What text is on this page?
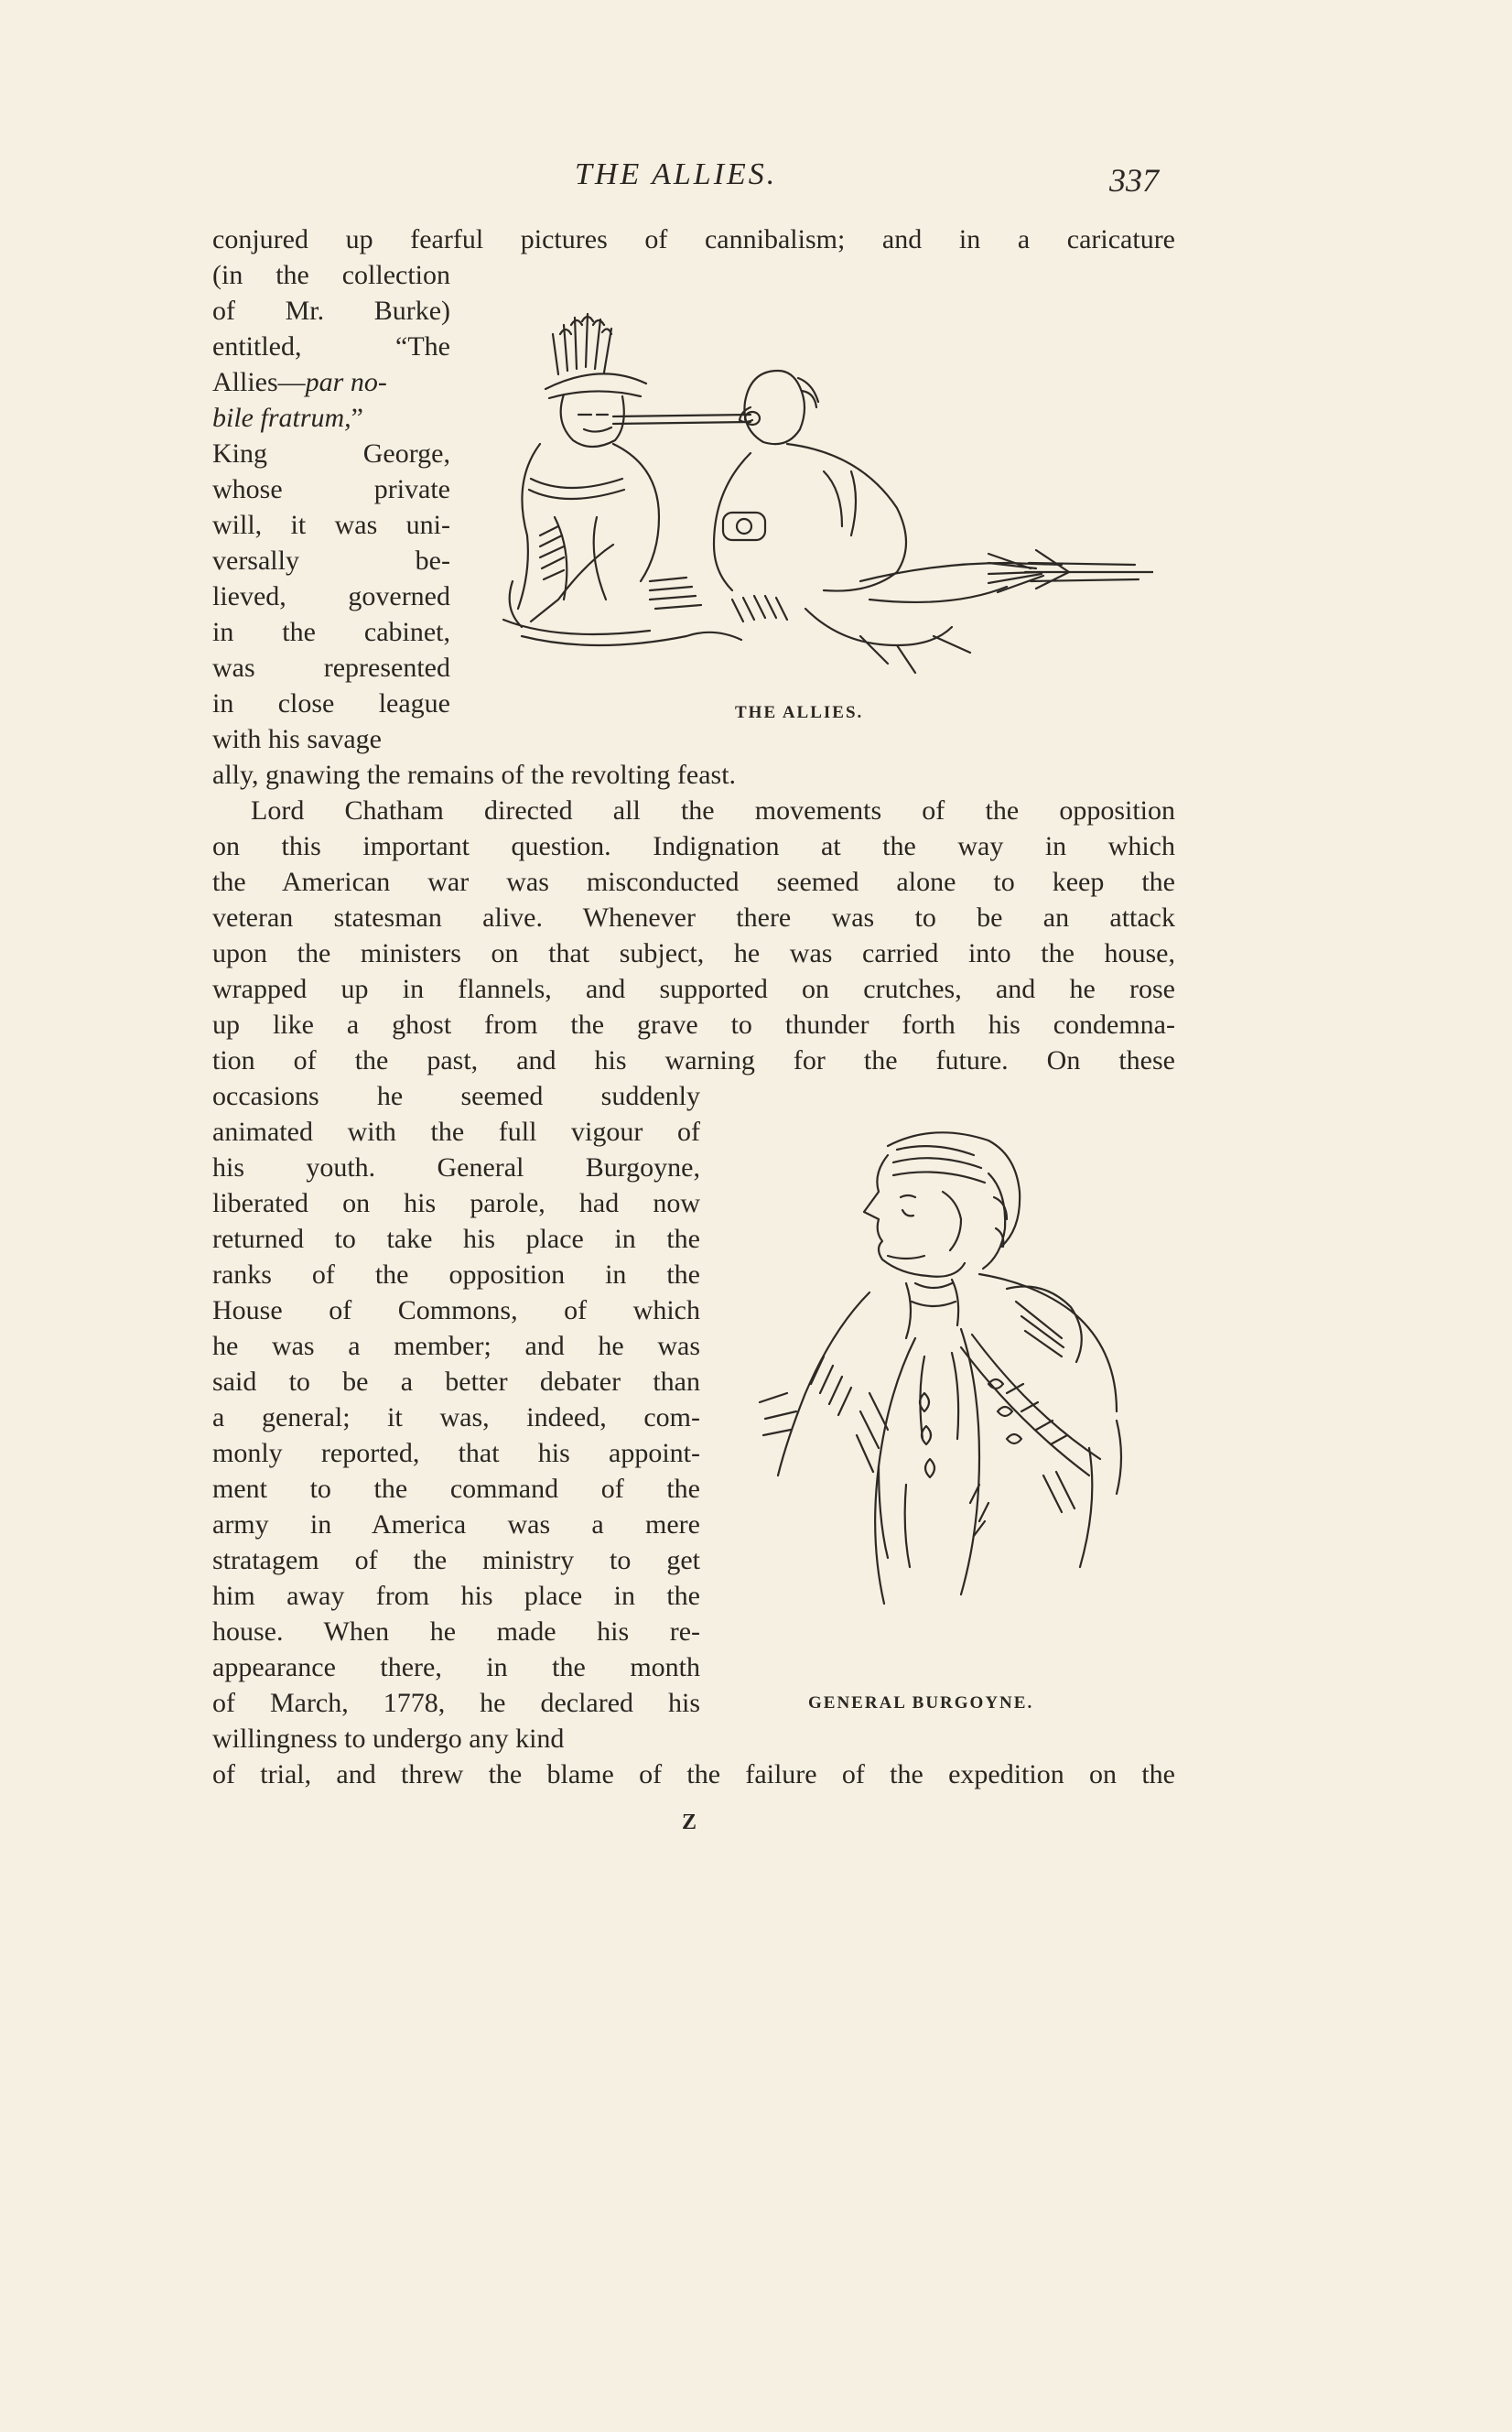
THE ALLIES.	337
conjured up fearful pictures of cannibalism; and in a caricature
(in the collection
of Mr. Burke)
entitled, “The
Allies—par no-
bile fratrum,”
King George,
whose private
will, it was uni-
versally be-
lieved, governed
in the cabinet,
was represented
in close league
with his savage
ally, gnawing the remains of the revolting feast.
Lord Chatham directed all the movements of the opposition
on this important question. Indignation at the way in which
the American war was misconducted seemed alone to keep the
veteran statesman alive. Whenever there was to be an attack
upon the ministers on that subject, he was carried into the house,
wrapped up in flannels, and supported on crutches, and he rose
up like a ghost from the grave to thunder forth his condemna-
tion of the past, and his warning for the future. On these
occasions he seemed suddenly
animated with the full vigour of
his youth. General Burgoyne,
liberated on his parole, had now
returned to take his place in the
ranks of the opposition in the
House of Commons, of which
he was a member; and he was
said to be a better debater than
a general; it was, indeed, com-
monly reported, that his appoint-
ment to the command of the
army in America was a mere
stratagem of the ministry to get
him away from his place in the
house. When he made his re-
appearance there, in the month
of March, 1778, he declared his
willingness to undergo any kind
of trial, and threw the blame of the failure of the expedition on the
THE ALLIES.
GENERAL BURGOYNE.
Z
